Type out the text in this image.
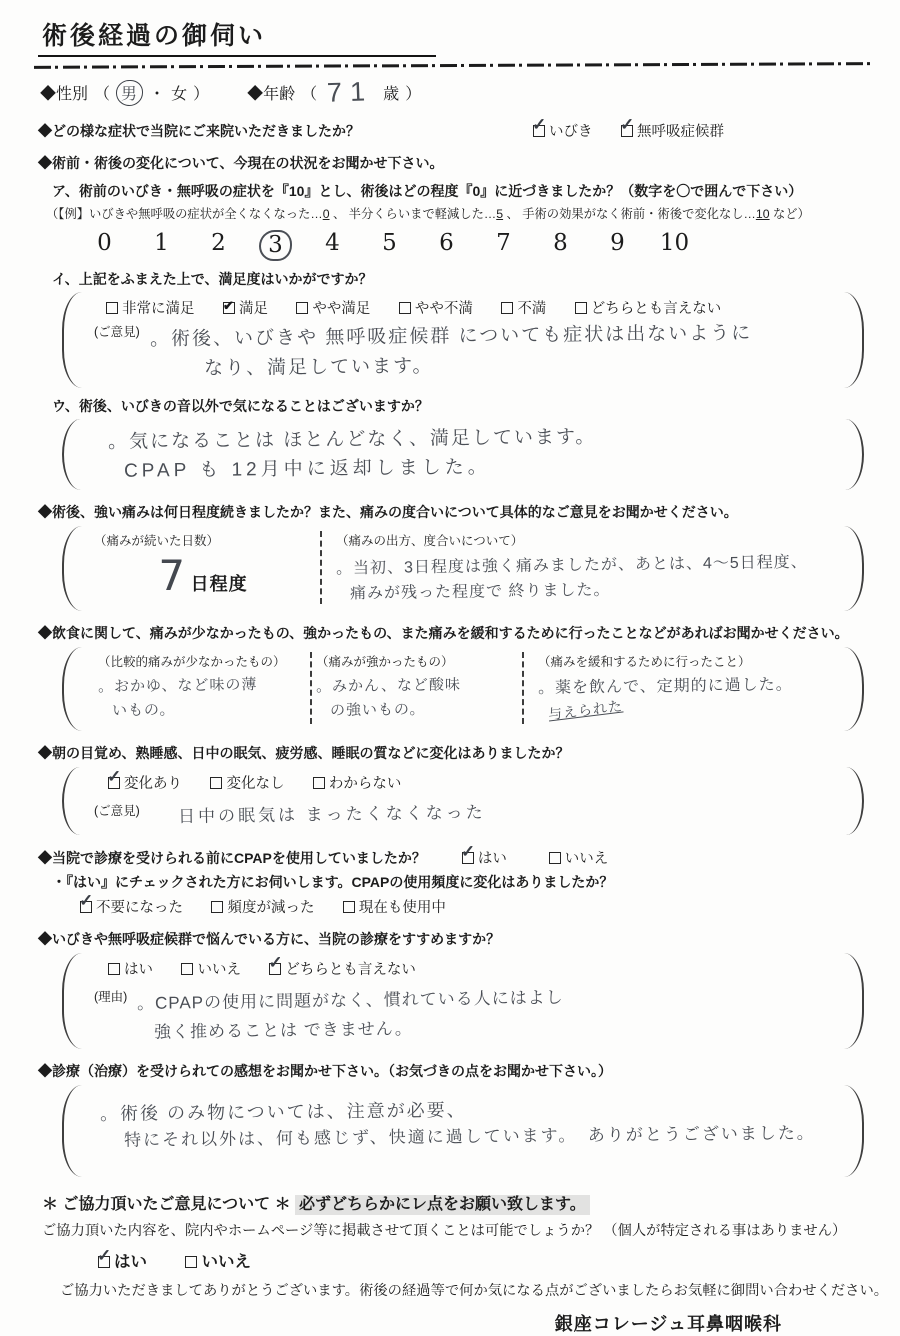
術後経過の御伺い
◆性別 （ 男 ・ 女 ） ◆年齢 （ 71 歳 ）
◆どの様な症状で当院にご来院いただきましたか？ ✓	いびき ✓	無呼吸症候群
◆術前・術後の変化について、今現在の状況をお聞かせ下さい。
ア、術前のいびき・無呼吸の症状を『10』とし、術後はどの程度『0』に近づきましたか？（数字を〇で囲んで下さい）
（【例】いびきや無呼吸の症状が全くなくなった…0 、 半分くらいまで軽減した…5 、 手術の効果がなく術前・術後で変化なし…10 など）
0	1	2	3	4	5	6	7	8	9	10
イ、上記をふまえた上で、満足度はいかがですか？
非常に満足 ✔	満足	やや満足	やや不満	不満	どちらとも言えない
(ご意見) 。術後、いびきや 無呼吸症候群 についても症状は出ないように
なり、満足しています。
ウ、術後、いびきの音以外で気になることはございますか？
。気になることは ほとんどなく、満足しています。
CPAP も 12月中に返却しました。
◆術後、強い痛みは何日程度続きましたか？また、痛みの度合いについて具体的なご意見をお聞かせください。
（痛みが続いた日数）
7 日程度
（痛みの出方、度合いについて）
。当初、3日程度は強く痛みましたが、あとは、4～5日程度、
痛みが残った程度で 終りました。
◆飲食に関して、痛みが少なかったもの、強かったもの、また痛みを緩和するために行ったことなどがあればお聞かせください。
（比較的痛みが少なかったもの）
。おかゆ、など味の薄
いもの。
（痛みが強かったもの）
。みかん、など酸味
の強いもの。
（痛みを緩和するために行ったこと）
。薬を飲んで、定期的に過した。
与えられた
◆朝の目覚め、熟睡感、日中の眠気、疲労感、睡眠の質などに変化はありましたか？
✓変化あり	変化なし	わからない
(ご意見) 日中の眠気は まったくなくなった
◆当院で診療を受けられる前にCPAPを使用していましたか？ ✓	はい	いいえ
・『はい』にチェックされた方にお伺いします。CPAPの使用頻度に変化はありましたか？
✓不要になった	頻度が減った	現在も使用中
◆いびきや無呼吸症候群で悩んでいる方に、当院の診療をすすめますか？
はい	いいえ ✓	どちらとも言えない
(理由) 。CPAPの使用に問題がなく、慣れている人にはよし
強く推めることは できません。
◆診療（治療）を受けられての感想をお聞かせ下さい。（お気づきの点をお聞かせ下さい。）
。術後 のみ物については、注意が必要、
特にそれ以外は、何も感じず、快適に過しています。　ありがとうございました。
＊ ご協力頂いたご意見について ＊ 必ずどちらかにレ点をお願い致します。
ご協力頂いた内容を、院内やホームページ等に掲載させて頂くことは可能でしょうか？ （個人が特定される事はありません）
✓はい	いいえ
ご協力いただきましてありがとうございます。術後の経過等で何か気になる点がございましたらお気軽に御問い合わせください。
銀座コレージュ耳鼻咽喉科
